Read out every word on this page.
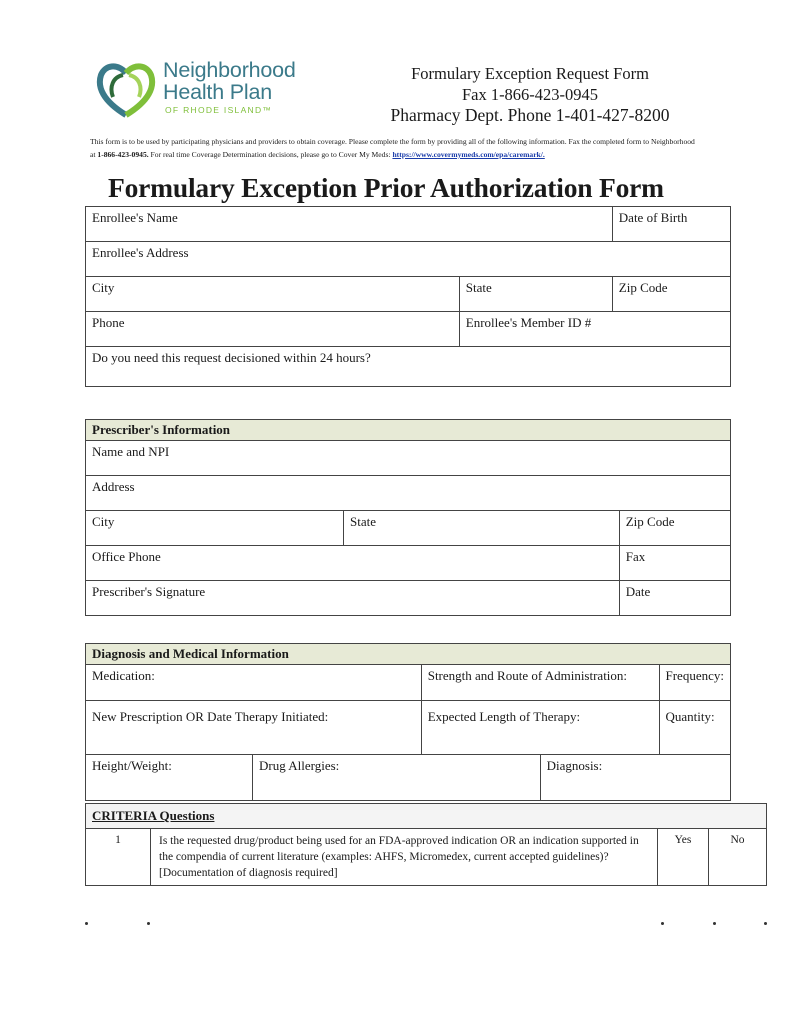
Neighborhood
Health Plan
OF RHODE ISLAND™
Formulary Exception Request Form
Fax 1-866-423-0945
Pharmacy Dept. Phone 1-401-427-8200
This form is to be used by participating physicians and providers to obtain coverage. Please complete the form by providing all of the following information. Fax the completed form to Neighborhood at 1-866-423-0945. For real time Coverage Determination decisions, please go to Cover My Meds: https://www.covermymeds.com/epa/caremark/.
Formulary Exception Prior Authorization Form
Enrollee's Name		Date of Birth
Enrollee's Address		
City	State	Zip Code
Phone	Enrollee's Member ID #	
Do you need this request decisioned within 24 hours?		
Prescriber's Information		
Name and NPI		
Address		
City	State	Zip Code
Office Phone		Fax
Prescriber's Signature		Date
Diagnosis and Medical Information				
Medication:		Strength and Route of Administration:		Frequency:
New Prescription OR Date Therapy Initiated:		Expected Length of Therapy:		Quantity:
Height/Weight:	Drug Allergies:		Diagnosis:	
CRITERIA Questions
1	Is the requested drug/product being used for an FDA-approved indication OR an indication supported in the compendia of current literature (examples: AHFS, Micromedex, current accepted guidelines)? [Documentation of diagnosis required]	Yes	No
